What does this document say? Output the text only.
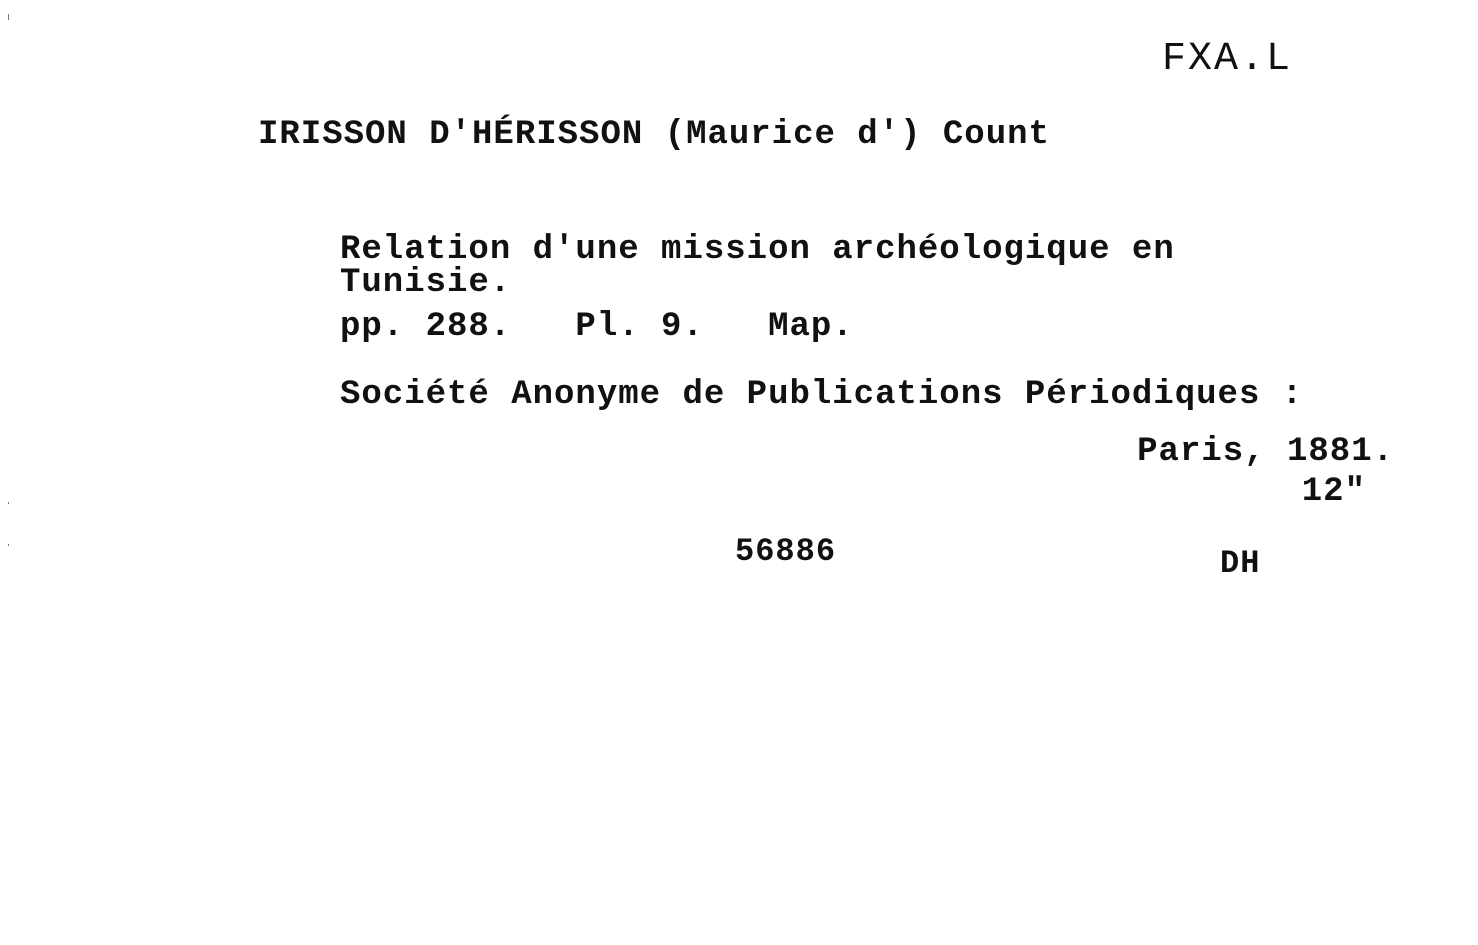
FXA.L
IRISSON D'HÉRISSON (Maurice d') Count
Relation d'une mission archéologique en
Tunisie.
pp. 288.   Pl. 9.   Map.
Société Anonyme de Publications Périodiques :
Paris, 1881.
12"
56886	DH
